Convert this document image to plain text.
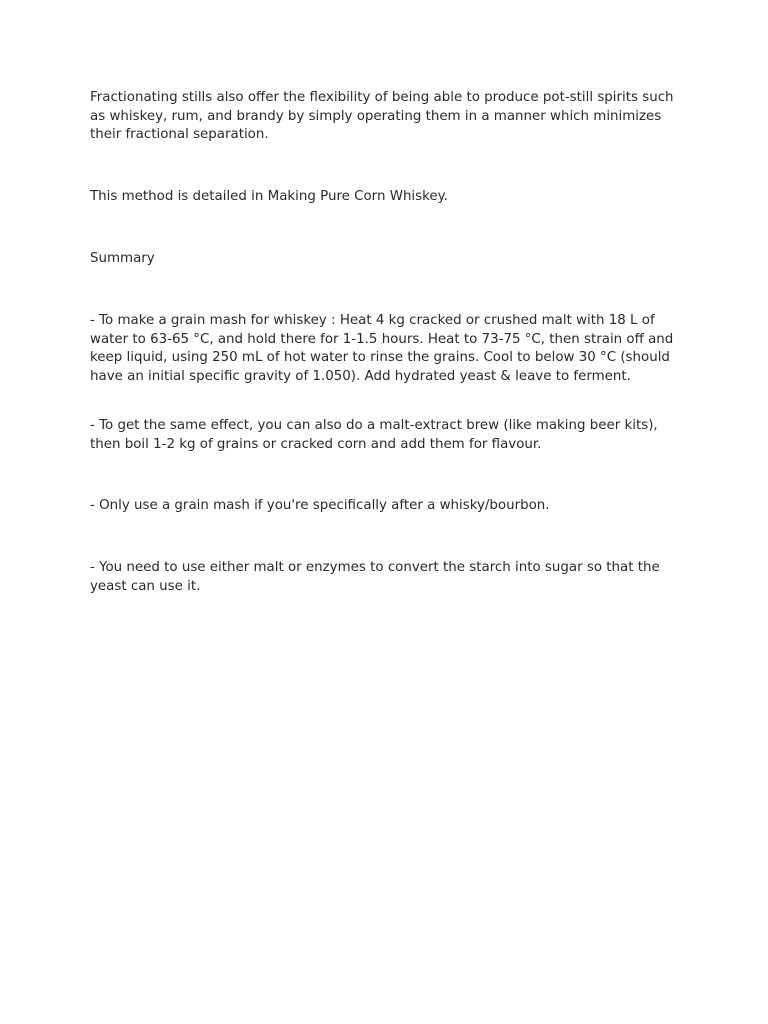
Fractionating stills also offer the flexibility of being able to produce pot-still spirits such as whiskey, rum, and brandy by simply operating them in a manner which minimizes their fractional separation.

This method is detailed in Making Pure Corn Whiskey.

Summary

- To make a grain mash for whiskey : Heat 4 kg cracked or crushed malt with 18 L of water to 63-65 °C, and hold there for 1-1.5 hours. Heat to 73-75 °C, then strain off and keep liquid, using 250 mL of hot water to rinse the grains. Cool to below 30 °C (should have an initial specific gravity of 1.050). Add hydrated yeast & leave to ferment.

- To get the same effect, you can also do a malt-extract brew (like making beer kits), then boil 1-2 kg of grains or cracked corn and add them for flavour.

- Only use a grain mash if you're specifically after a whisky/bourbon.

- You need to use either malt or enzymes to convert the starch into sugar so that the yeast can use it.
